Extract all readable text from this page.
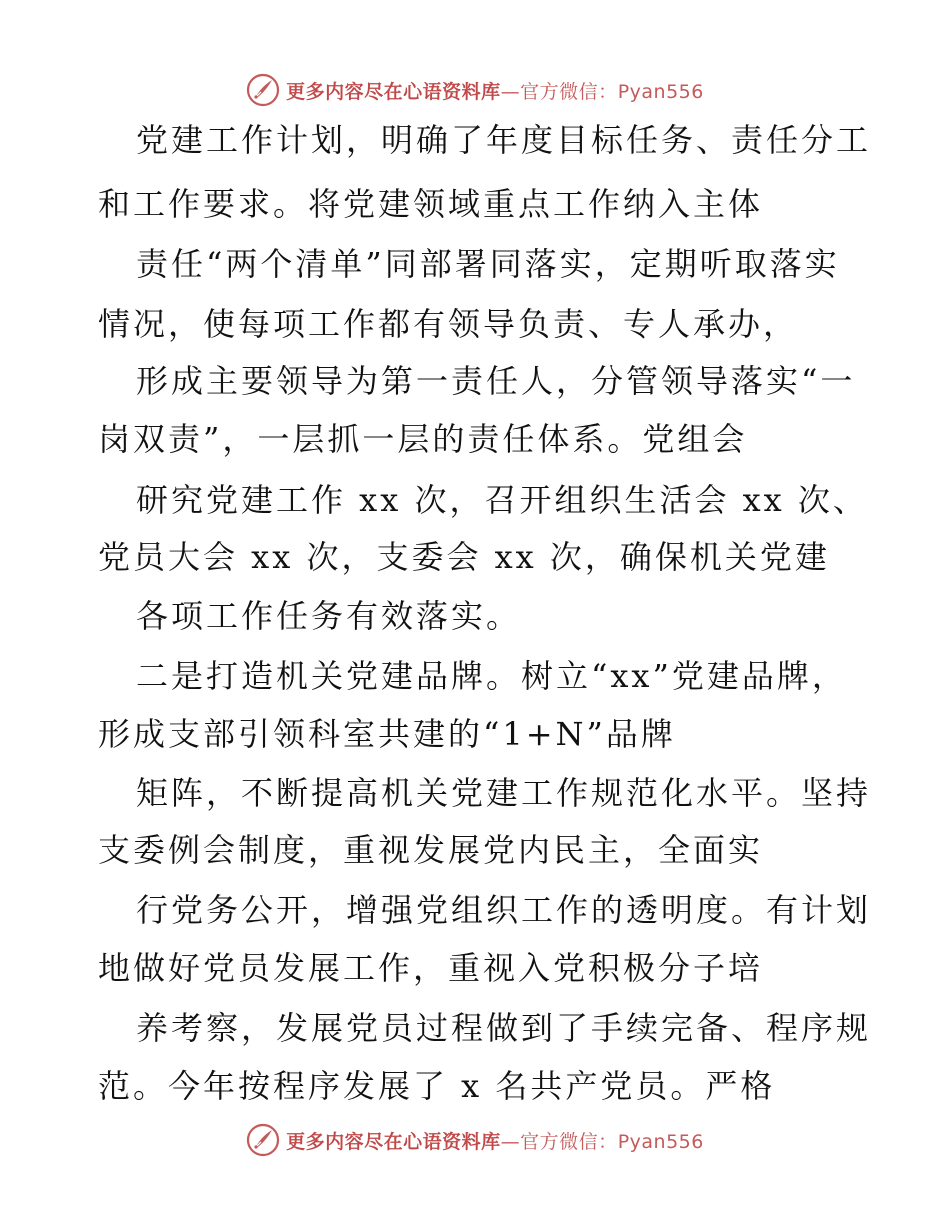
更多内容尽在心语资料库—官方微信：Pyan556
党建工作计划，明确了年度目标任务、责任分工
和工作要求。将党建领域重点工作纳入主体
责任“两个清单”同部署同落实，定期听取落实
情况，使每项工作都有领导负责、专人承办，
形成主要领导为第一责任人，分管领导落实“一
岗双责”，一层抓一层的责任体系。党组会
研究党建工作 xx 次，召开组织生活会 xx 次、
党员大会 xx 次，支委会 xx 次，确保机关党建
各项工作任务有效落实。
二是打造机关党建品牌。树立“xx”党建品牌，
形成支部引领科室共建的“1+N”品牌
矩阵，不断提高机关党建工作规范化水平。坚持
支委例会制度，重视发展党内民主，全面实
行党务公开，增强党组织工作的透明度。有计划
地做好党员发展工作，重视入党积极分子培
养考察，发展党员过程做到了手续完备、程序规
范。今年按程序发展了 x 名共产党员。严格
更多内容尽在心语资料库—官方微信：Pyan556
